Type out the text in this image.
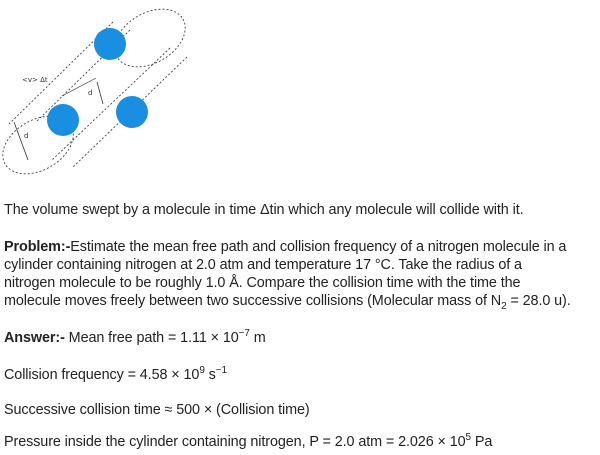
<v> Δt
d
d
The volume swept by a molecule in time Δtin which any molecule will collide with it.
Problem:-Estimate the mean free path and collision frequency of a nitrogen molecule in a
cylinder containing nitrogen at 2.0 atm and temperature 17 °C. Take the radius of a
nitrogen molecule to be roughly 1.0 Å. Compare the collision time with the time the
molecule moves freely between two successive collisions (Molecular mass of $N_2 = 28.0$ u).
Answer:- Mean free path = $1.11 \times 10^{-7}$ m
Collision frequency = $4.58 \times 10^9$ $s^{-1}$
Successive collision time ≈ 500 × (Collision time)
Pressure inside the cylinder containing nitrogen, P = 2.0 atm = $2.026 \times 10^5$ Pa
